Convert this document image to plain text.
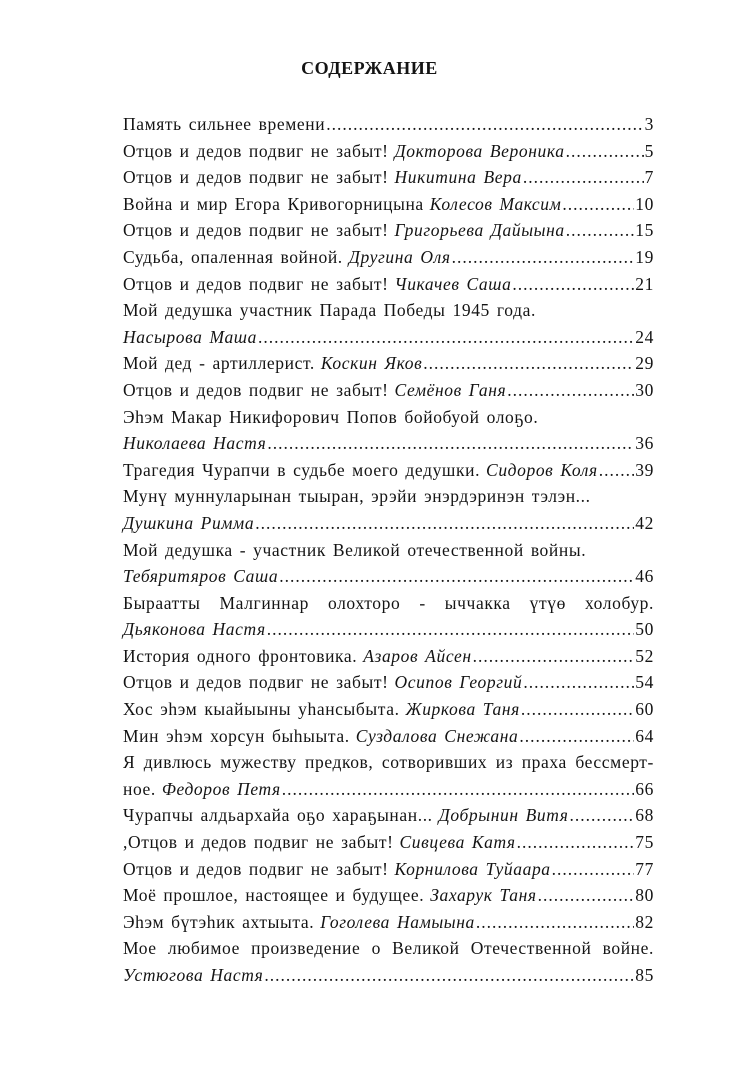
СОДЕРЖАНИЕ
Память сильнее времени .....	3
Отцов и дедов подвиг не забыт! Докторова Вероника .....	5
Отцов и дедов подвиг не забыт! Никитина Вера .....	7
Война и мир Егора Кривогорницына Колесов Максим .....	10
Отцов и дедов подвиг не забыт! Григорьева Дайыына .....	15
Судьба, опаленная войной. Другина Оля .....	19
Отцов и дедов подвиг не забыт! Чикачев Саша .....	21
Мой дедушка участник Парада Победы 1945 года.
Насырова Маша .....	24
Мой дед - артиллерист. Коскин Яков .....	29
Отцов и дедов подвиг не забыт! Семёнов Ганя .....	30
Эһэм Макар Никифорович Попов бойобуой олоҕо.
Николаева Настя .....	36
Трагедия Чурапчи в судьбе моего дедушки. Сидоров Коля ..... 39
Мунү муннуларынан тыыран, эрэйи энэрдэринэн тэлэн...
Душкина Римма .....	42
Мой дедушка - участник Великой отечественной войны.
Тебяритяров Саша .....	46
Быраатты Малгиннар олохторо - ыччакка үтүө холобур.
Дьяконова Настя .....	50
История одного фронтовика. Азаров Айсен .....	52
Отцов и дедов подвиг не забыт! Осипов Георгий .....	54
Хос эһэм кыайыыны уһансыбыта. Жиркова Таня .....	60
Мин эһэм хорсун быһыыта. Суздалова Снежана .....	64
Я дивлюсь мужеству предков, сотворивших из праха бессмерт-
ное. Федоров Петя .....	66
Чурапчы алдьархайа оҕо хараҕынан... Добрынин Витя .....	68
,Отцов и дедов подвиг не забыт! Сивцева Катя .....	75
Отцов и дедов подвиг не забыт! Корнилова Туйаара .....	77
Моё прошлое, настоящее и будущее. Захарук Таня .....	80
Эһэм бүтэһик ахтыыта. Гоголева Намыына .....	82
Мое любимое произведение о Великой Отечественной войне.
Устюгова Настя .....	85
